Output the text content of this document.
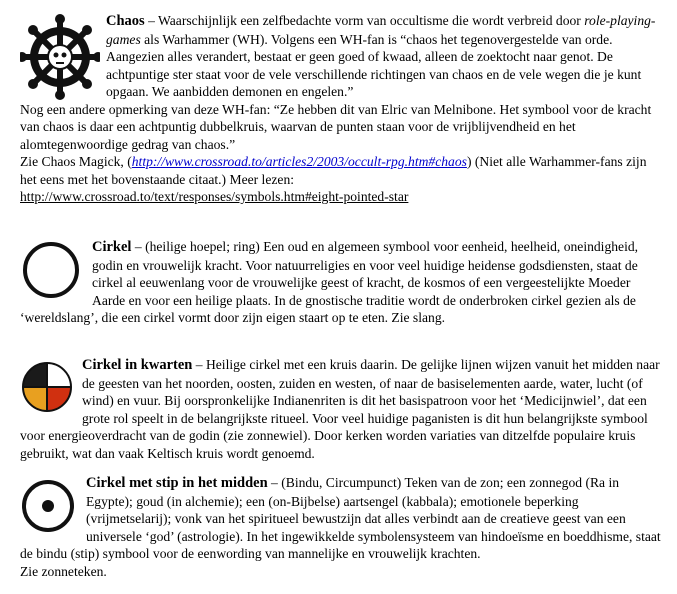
Chaos – Waarschijnlijk een zelfbedachte vorm van occultisme die wordt verbreid door role-playing-games als Warhammer (WH). Volgens een WH-fan is “chaos het tegenovergestelde van orde. Aangezien alles verandert, bestaat er geen goed of kwaad, alleen de zoektocht naar genot. De achtpuntige ster staat voor de vele verschillende richtingen van chaos en de vele wegen die je kunt opgaan. We aanbidden demonen en engelen.”

Nog een andere opmerking van deze WH-fan: “Ze hebben dit van Elric van Melnibone. Het symbool voor de kracht van chaos is daar een achtpuntig dubbelkruis, waarvan de punten staan voor de vrijblijvendheid en het alomtegenwoordige gedrag van chaos.”

Zie Chaos Magick, (http://www.crossroad.to/articles2/2003/occult-rpg.htm#chaos) (Niet alle Warhammer-fans zijn het eens met het bovenstaande citaat.) Meer lezen:

http://www.crossroad.to/text/responses/symbols.htm#eight-pointed-star

Cirkel – (heilige hoepel; ring) Een oud en algemeen symbool voor eenheid, heelheid, oneindigheid, godin en vrouwelijk kracht. Voor natuurreligies en voor veel huidige heidense godsdiensten, staat de cirkel al eeuwenlang voor de vrouwelijke geest of kracht, de kosmos of een vergeestelijkte Moeder Aarde en voor een heilige plaats. In de gnostische traditie wordt de onderbroken cirkel gezien als de ‘wereldslang’, die een cirkel vormt door zijn eigen staart op te eten. Zie slang.

Cirkel in kwarten – Heilige cirkel met een kruis daarin. De gelijke lijnen wijzen vanuit het midden naar de geesten van het noorden, oosten, zuiden en westen, of naar de basiselementen aarde, water, lucht (of wind) en vuur. Bij oorspronkelijke Indianenriten is dit het basispatroon voor het ‘Medicijnwiel’, dat een grote rol speelt in de belangrijkste ritueel. Voor veel huidige paganisten is dit hun belangrijkste symbool voor energieoverdracht van de godin (zie zonnewiel). Door kerken worden variaties van ditzelfde populaire kruis gebruikt, wat dan vaak Keltisch kruis wordt genoemd.

Cirkel met stip in het midden – (Bindu, Circumpunct) Teken van de zon; een zonnegod (Ra in Egypte); goud (in alchemie); een (on-Bijbelse) aartsengel (kabbala); emotionele beperking (vrijmetselarij); vonk van het spiritueel bewustzijn dat alles verbindt aan de creatieve geest van een universele ‘god’ (astrologie). In het ingewikkelde symbolensysteem van hindoeïsme en boeddhisme, staat de bindu (stip) symbool voor de eenwording van mannelijke en vrouwelijk krachten.

Zie zonneteken.
